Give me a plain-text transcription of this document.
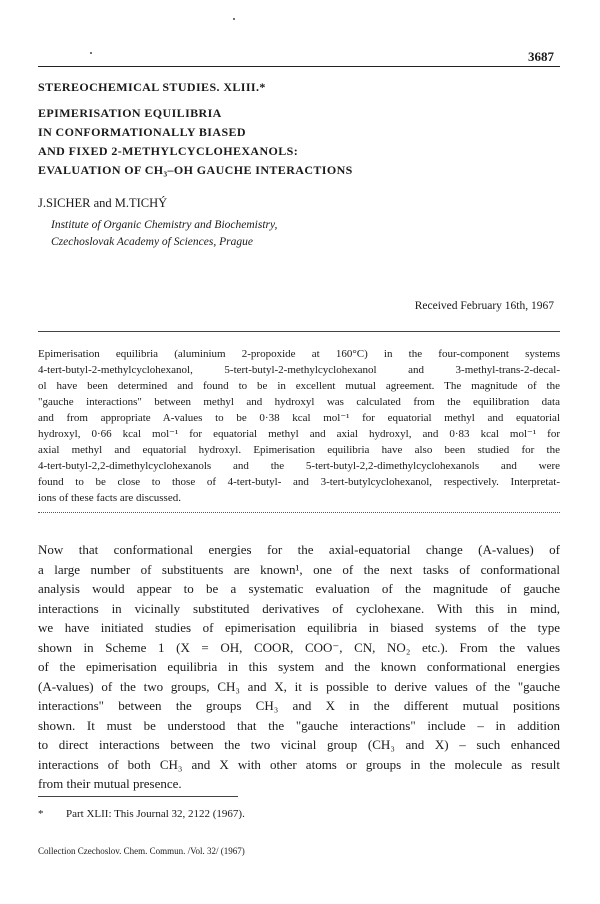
3687
STEREOCHEMICAL STUDIES. XLIII.*
EPIMERISATION EQUILIBRIA
IN CONFORMATIONALLY BIASED
AND FIXED 2-METHYLCYCLOHEXANOLS:
EVALUATION OF CH₃–OH GAUCHE INTERACTIONS
J.SICHER and M.TICHÝ
Institute of Organic Chemistry and Biochemistry,
Czechoslovak Academy of Sciences, Prague
Received February 16th, 1967
Epimerisation equilibria (aluminium 2-propoxide at 160°C) in the four-component systems
4-tert-butyl-2-methylcyclohexanol, 5-tert-butyl-2-methylcyclohexanol and 3-methyl-trans-2-decal-
ol have been determined and found to be in excellent mutual agreement. The magnitude of the
"gauche interactions" between methyl and hydroxyl was calculated from the equilibration data
and from appropriate A-values to be 0·38 kcal mol⁻¹ for equatorial methyl and equatorial
hydroxyl, 0·66 kcal mol⁻¹ for equatorial methyl and axial hydroxyl, and 0·83 kcal mol⁻¹ for
axial methyl and equatorial hydroxyl. Epimerisation equilibria have also been studied for the
4-tert-butyl-2,2-dimethylcyclohexanols and the 5-tert-butyl-2,2-dimethylcyclohexanols and were
found to be close to those of 4-tert-butyl- and 3-tert-butylcyclohexanol, respectively. Interpretat-
ions of these facts are discussed.
Now that conformational energies for the axial-equatorial change (A-values) of
a large number of substituents are known¹, one of the next tasks of conformational
analysis would appear to be a systematic evaluation of the magnitude of gauche
interactions in vicinally substituted derivatives of cyclohexane. With this in mind,
we have initiated studies of epimerisation equilibria in biased systems of the type
shown in Scheme 1 (X = OH, COOR, COO⁻, CN, NO₂ etc.). From the values
of the epimerisation equilibria in this system and the known conformational energies
(A-values) of the two groups, CH₃ and X, it is possible to derive values of the "gauche
interactions" between the groups CH₃ and X in the different mutual positions
shown. It must be understood that the "gauche interactions" include – in addition
to direct interactions between the two vicinal group (CH₃ and X) – such enhanced
interactions of both CH₃ and X with other atoms or groups in the molecule as result
from their mutual presence.
* Part XLII: This Journal 32, 2122 (1967).
Collection Czechoslov. Chem. Commun. /Vol. 32/ (1967)
